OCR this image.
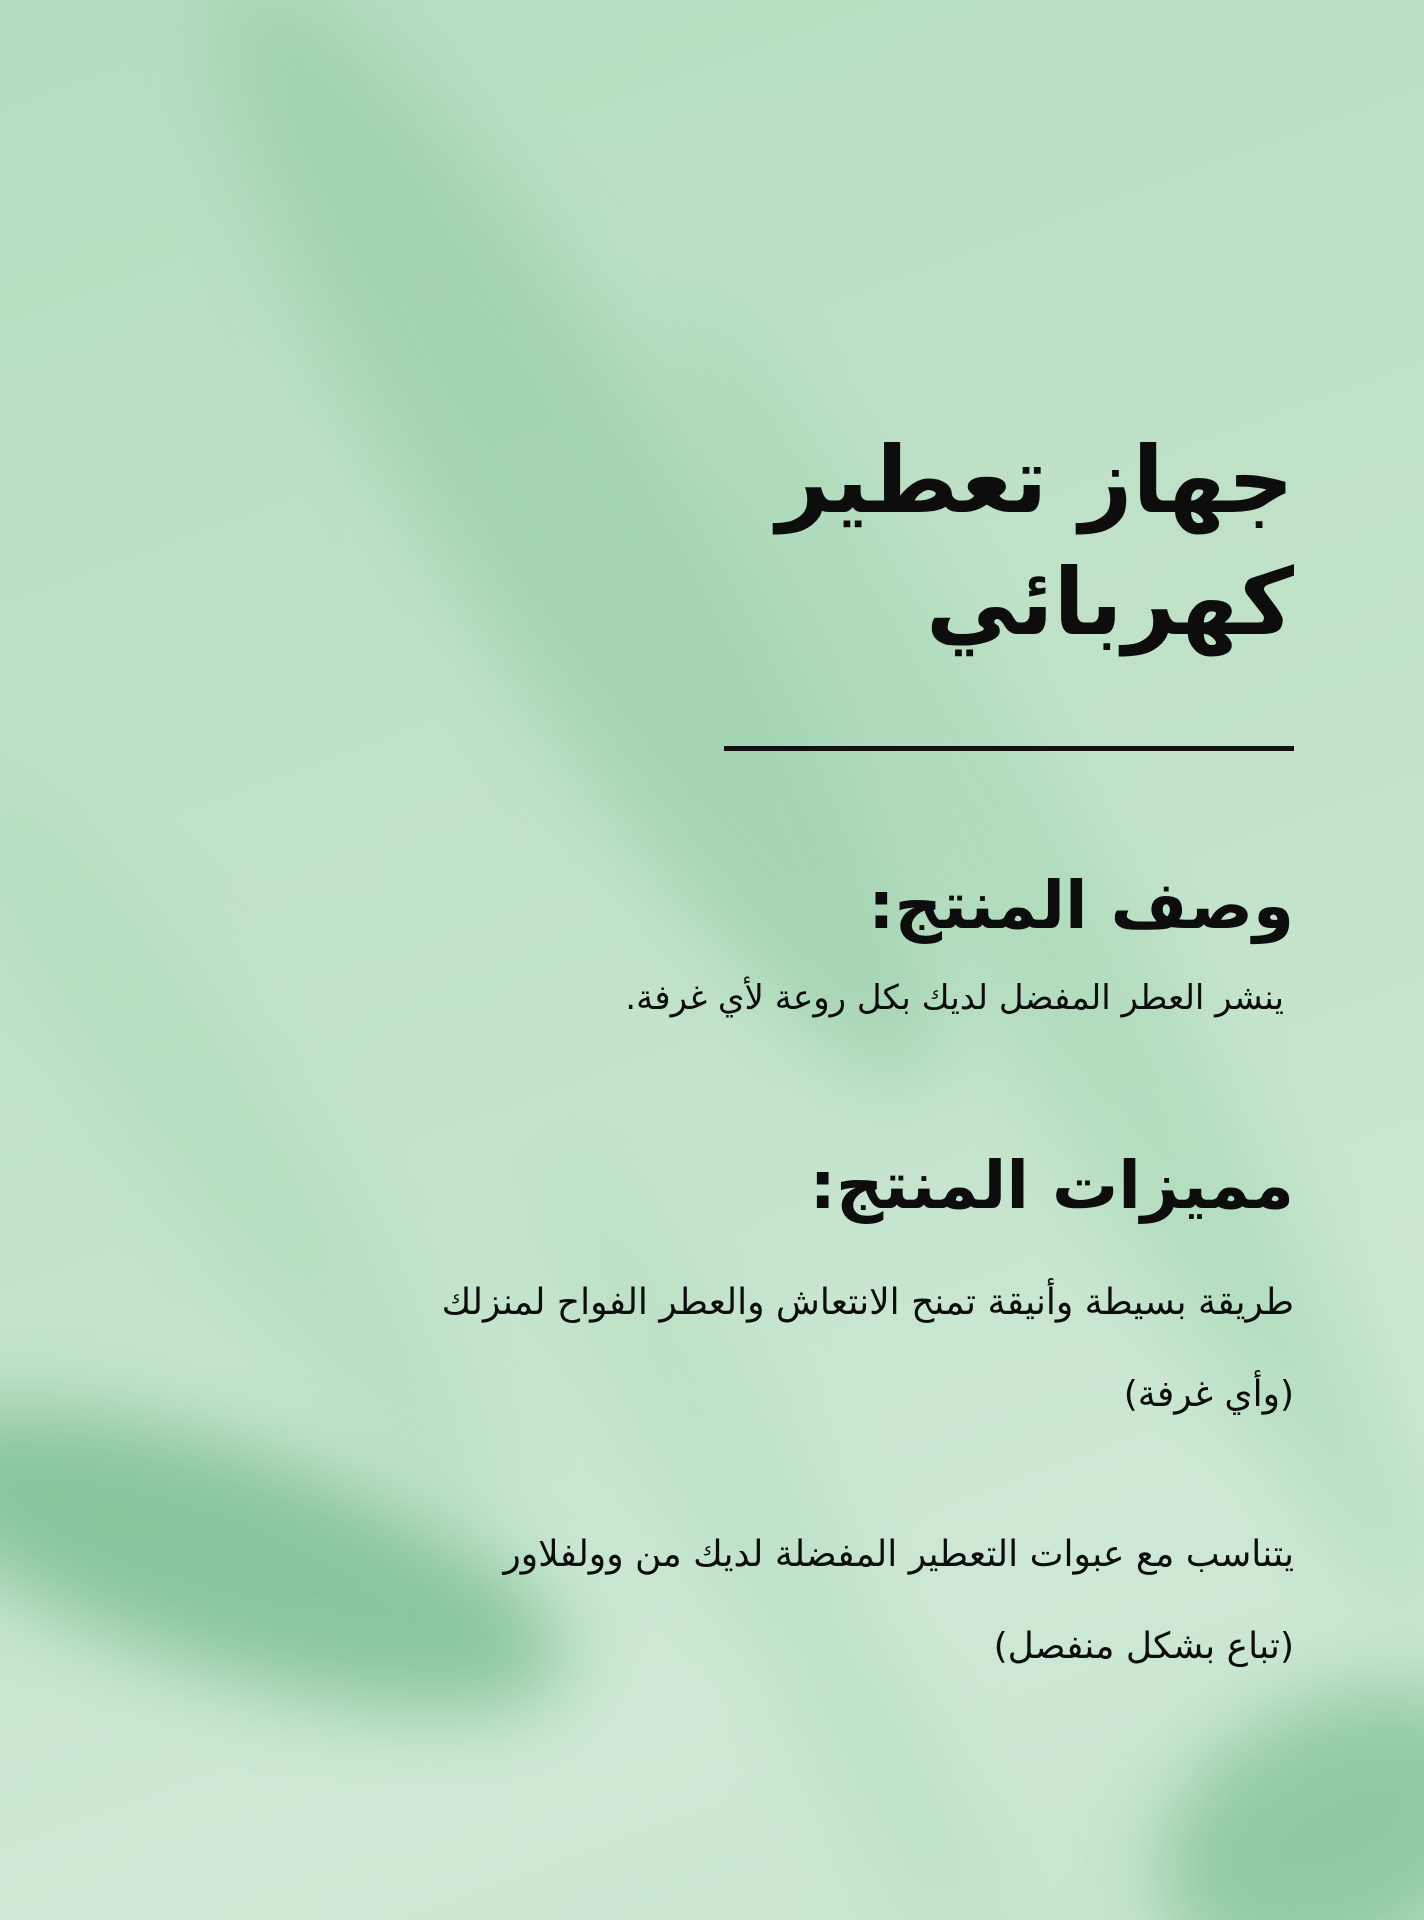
جهاز تعطير
كهربائي
وصف المنتج:

ينشر العطر المفضل لديك بكل روعة لأي غرفة.

مميزات المنتج:

طريقة بسيطة وأنيقة تمنح الانتعاش والعطر الفواح لمنزلك

(وأي غرفة)

يتناسب مع عبوات التعطير المفضلة لديك من وولفلاور

(تباع بشكل منفصل)
